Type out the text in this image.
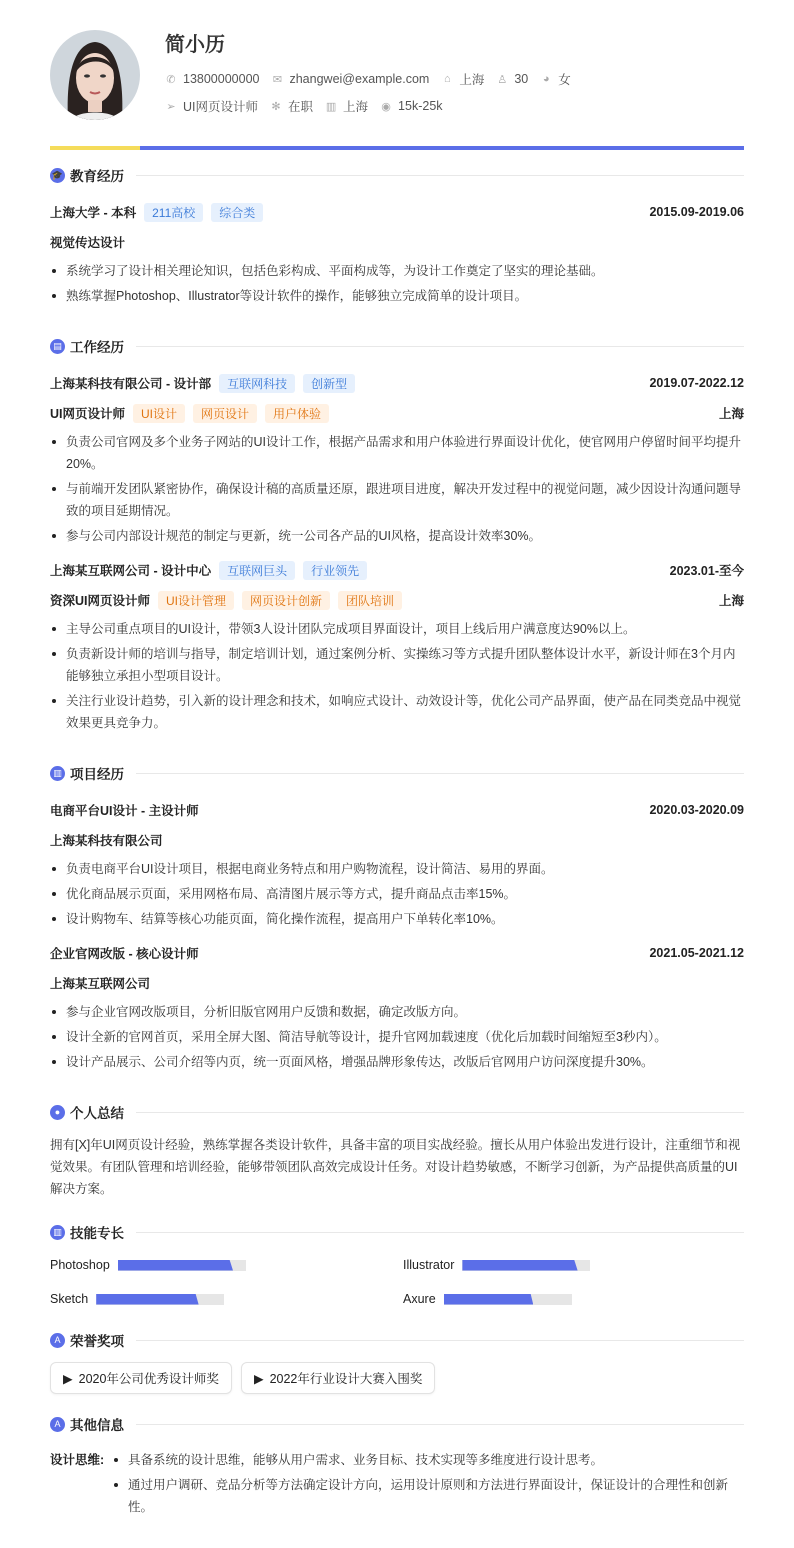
简小历
✆ 13800000000 ✉ zhangwei@example.com ⌂ 上海 ♙ 30 ◕ 女
➢ UI网页设计师 ✻ 在职 ▥ 上海 ◉ 15k-25k
🎓 教育经历
上海大学 - 本科	211高校	综合类	2015.09-2019.06
视觉传达设计
系统学习了设计相关理论知识，包括色彩构成、平面构成等，为设计工作奠定了坚实的理论基础。
熟练掌握Photoshop、Illustrator等设计软件的操作，能够独立完成简单的设计项目。
▤ 工作经历
上海某科技有限公司 - 设计部	互联网科技	创新型	2019.07-2022.12
UI网页设计师	UI设计	网页设计	用户体验	上海
负责公司官网及多个业务子网站的UI设计工作，根据产品需求和用户体验进行界面设计优化，使官网用户停留时间平均提升20%。
与前端开发团队紧密协作，确保设计稿的高质量还原，跟进项目进度，解决开发过程中的视觉问题，减少因设计沟通问题导致的项目延期情况。
参与公司内部设计规范的制定与更新，统一公司各产品的UI风格，提高设计效率30%。
上海某互联网公司 - 设计中心	互联网巨头	行业领先	2023.01-至今
资深UI网页设计师	UI设计管理	网页设计创新	团队培训	上海
主导公司重点项目的UI设计，带领3人设计团队完成项目界面设计，项目上线后用户满意度达90%以上。
负责新设计师的培训与指导，制定培训计划，通过案例分析、实操练习等方式提升团队整体设计水平，新设计师在3个月内能够独立承担小型项目设计。
关注行业设计趋势，引入新的设计理念和技术，如响应式设计、动效设计等，优化公司产品界面，使产品在同类竞品中视觉效果更具竞争力。
▥ 项目经历
电商平台UI设计 - 主设计师	2020.03-2020.09
上海某科技有限公司
负责电商平台UI设计项目，根据电商业务特点和用户购物流程，设计简洁、易用的界面。
优化商品展示页面，采用网格布局、高清图片展示等方式，提升商品点击率15%。
设计购物车、结算等核心功能页面，简化操作流程，提高用户下单转化率10%。
企业官网改版 - 核心设计师	2021.05-2021.12
上海某互联网公司
参与企业官网改版项目，分析旧版官网用户反馈和数据，确定改版方向。
设计全新的官网首页，采用全屏大图、简洁导航等设计，提升官网加载速度（优化后加载时间缩短至3秒内）。
设计产品展示、公司介绍等内页，统一页面风格，增强品牌形象传达，改版后官网用户访问深度提升30%。
● 个人总结
拥有[X]年UI网页设计经验，熟练掌握各类设计软件，具备丰富的项目实战经验。擅长从用户体验出发进行设计，注重细节和视觉效果。有团队管理和培训经验，能够带领团队高效完成设计任务。对设计趋势敏感，不断学习创新，为产品提供高质量的UI解决方案。
▥ 技能专长
Photoshop	Illustrator
Sketch	Axure
A 荣誉奖项
▶ 2020年公司优秀设计师奖	▶ 2022年行业设计大赛入围奖
A 其他信息
设计思维:	具备系统的设计思维，能够从用户需求、业务目标、技术实现等多维度进行设计思考。
通过用户调研、竞品分析等方法确定设计方向，运用设计原则和方法进行界面设计，保证设计的合理性和创新性。
